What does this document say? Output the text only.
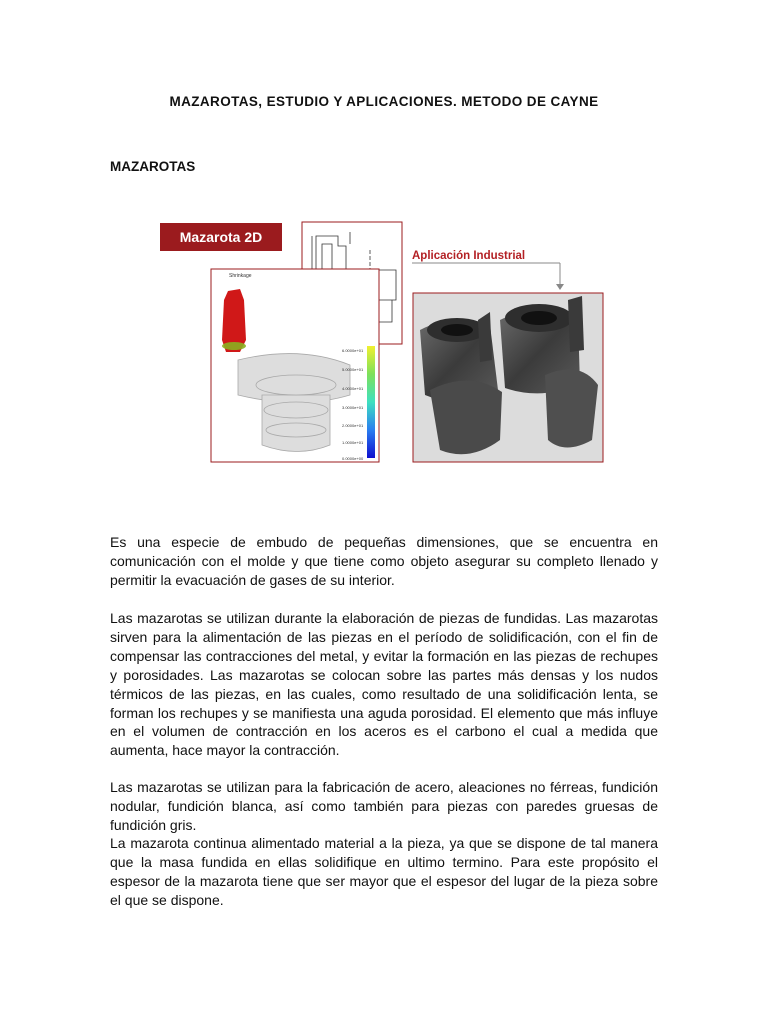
MAZAROTAS, ESTUDIO Y APLICACIONES. METODO DE CAYNE
MAZAROTAS
6.0000e+01
5.0000e+01
4.0000e+01
3.0000e+01
2.0000e+01
1.0000e+01
0.0000e+00
Mazarota 2D
Aplicación Industrial
Shrinkage
Es una especie de embudo de pequeñas dimensiones, que se encuentra en comunicación con el molde y que tiene como objeto asegurar su completo llenado y permitir la evacuación de gases de su interior.
Las mazarotas se utilizan durante la elaboración de piezas de fundidas. Las mazarotas sirven para la alimentación de las piezas en el período de solidificación, con el fin de compensar las contracciones del metal, y evitar la formación en las piezas de rechupes y porosidades. Las mazarotas se colocan sobre las partes más densas y los nudos térmicos de las piezas, en las cuales, como resultado de una solidificación lenta, se forman los rechupes y se manifiesta una aguda porosidad. El elemento que más influye en el volumen de contracción en los aceros es el carbono el cual a medida que aumenta, hace mayor la contracción.
Las mazarotas se utilizan para la fabricación de acero, aleaciones no férreas, fundición nodular, fundición blanca, así como también para piezas con paredes gruesas de fundición gris.
La mazarota continua alimentado material a la pieza, ya que se dispone de tal manera que la masa fundida en ellas solidifique en ultimo termino. Para este propósito el espesor de la mazarota tiene que ser mayor que el espesor del lugar de la pieza sobre el que se dispone.
